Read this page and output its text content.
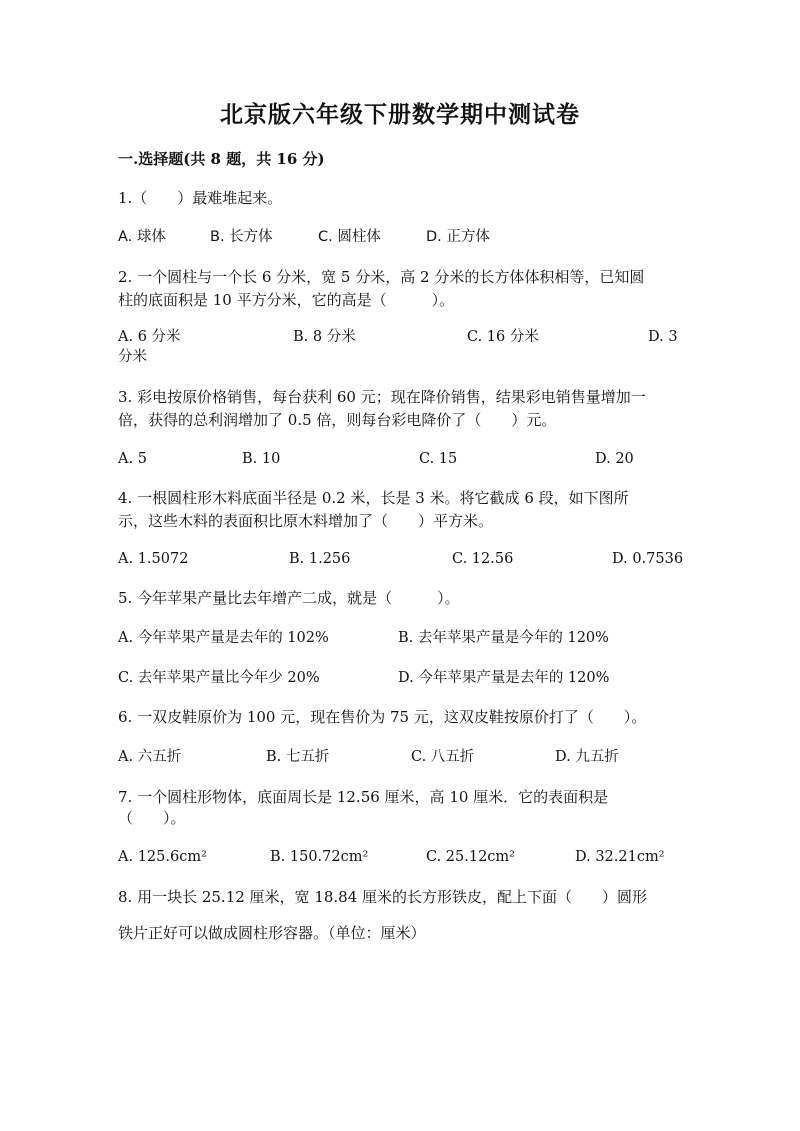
北京版六年级下册数学期中测试卷
一.选择题(共 8 题，共 16 分)
1.（　　）最难堆起来。
A. 球体	B. 长方体	C. 圆柱体	D. 正方体
2. 一个圆柱与一个长 6 分米，宽 5 分米，高 2 分米的长方体体积相等，已知圆
柱的底面积是 10 平方分米，它的高是（　　　）。
A. 6 分米	B. 8 分米	C. 16 分米	D. 3
分米
3. 彩电按原价格销售，每台获利 60 元；现在降价销售，结果彩电销售量增加一
倍，获得的总利润增加了 0.5 倍，则每台彩电降价了（　　）元。
A. 5	B. 10	C. 15	D. 20
4. 一根圆柱形木料底面半径是 0.2 米，长是 3 米。将它截成 6 段，如下图所
示，这些木料的表面积比原木料增加了（　　）平方米。
A. 1.5072	B. 1.256	C. 12.56	D. 0.7536
5. 今年苹果产量比去年增产二成，就是（　　　）。
A. 今年苹果产量是去年的 102%	B. 去年苹果产量是今年的 120%
C. 去年苹果产量比今年少 20%	D. 今年苹果产量是去年的 120%
6. 一双皮鞋原价为 100 元，现在售价为 75 元，这双皮鞋按原价打了（　　）。
A. 六五折	B. 七五折	C. 八五折	D. 九五折
7. 一个圆柱形物体，底面周长是 12.56 厘米，高 10 厘米．它的表面积是
（　　）。
A. 125.6cm²	B. 150.72cm²	C. 25.12cm²	D. 32.21cm²
8. 用一块长 25.12 厘米，宽 18.84 厘米的长方形铁皮，配上下面（　　）圆形
铁片正好可以做成圆柱形容器。（单位：厘米）
